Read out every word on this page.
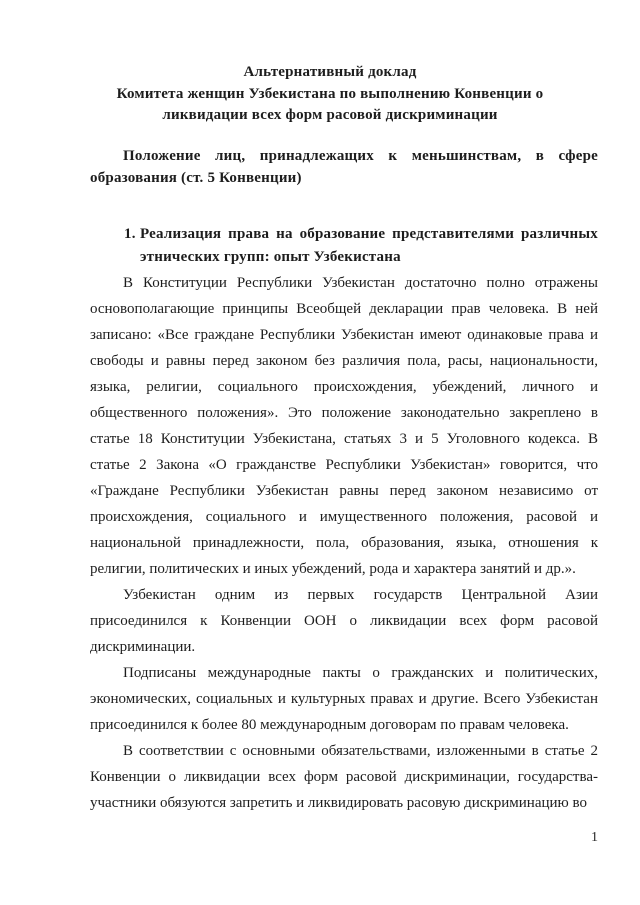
Альтернативный доклад
Комитета женщин Узбекистана по выполнению Конвенции о
ликвидации всех форм расовой дискриминации

Положение лиц, принадлежащих к меньшинствам, в сфере образования (ст. 5 Конвенции)

1. Реализация права на образование представителями различных этнических групп: опыт Узбекистана

В Конституции Республики Узбекистан достаточно полно отражены основополагающие принципы Всеобщей декларации прав человека. В ней записано: «Все граждане Республики Узбекистан имеют одинаковые права и свободы и равны перед законом без различия пола, расы, национальности, языка, религии, социального происхождения, убеждений, личного и общественного положения». Это положение законодательно закреплено в статье 18 Конституции Узбекистана, статьях 3 и 5 Уголовного кодекса. В статье 2 Закона «О гражданстве Республики Узбекистан» говорится, что «Граждане Республики Узбекистан равны перед законом независимо от происхождения, социального и имущественного положения, расовой и национальной принадлежности, пола, образования, языка, отношения к религии, политических и иных убеждений, рода и характера занятий и др.».

Узбекистан одним из первых государств Центральной Азии присоединился к Конвенции ООН о ликвидации всех форм расовой дискриминации.

Подписаны международные пакты о гражданских и политических, экономических, социальных и культурных правах и другие. Всего Узбекистан присоединился к более 80 международным договорам по правам человека.

В соответствии с основными обязательствами, изложенными в статье 2 Конвенции о ликвидации всех форм расовой дискриминации, государства-участники обязуются запретить и ликвидировать расовую дискриминацию во

1
